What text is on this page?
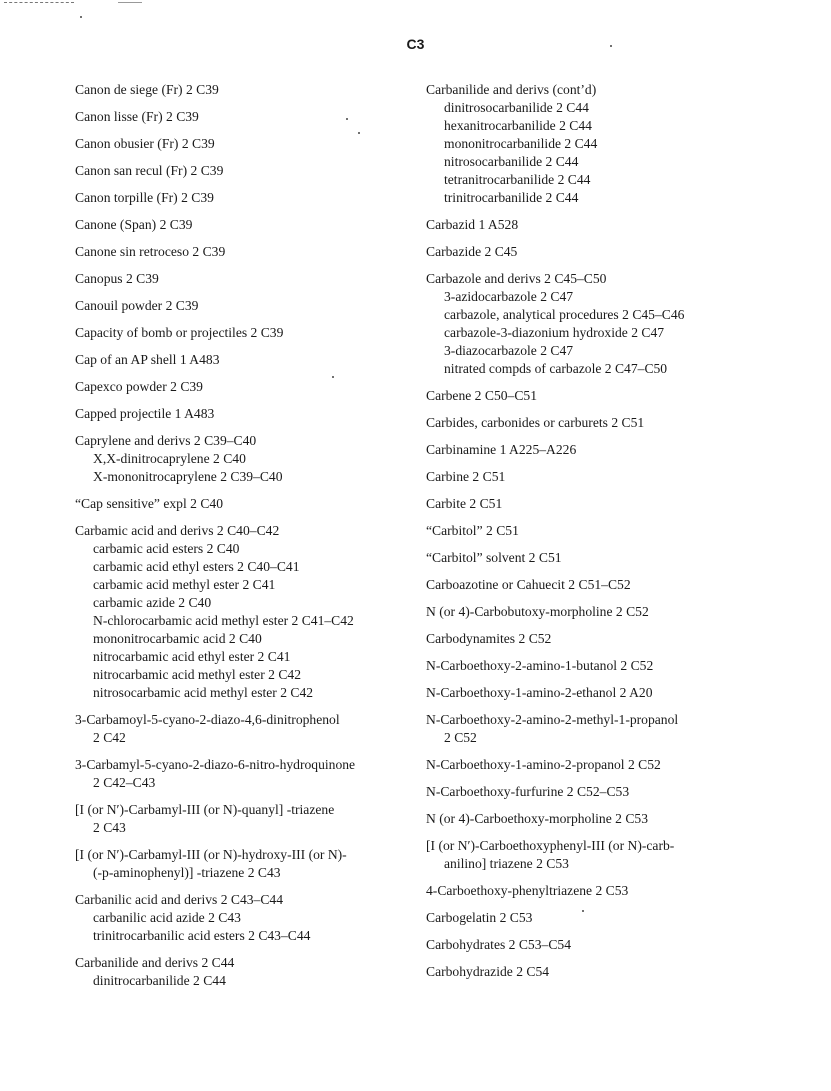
C3
Canon de siege (Fr) 2 C39
Canon lisse (Fr) 2 C39
Canon obusier (Fr) 2 C39
Canon san recul (Fr) 2 C39
Canon torpille (Fr) 2 C39
Canone (Span) 2 C39
Canone sin retroceso 2 C39
Canopus 2 C39
Canouil powder 2 C39
Capacity of bomb or projectiles 2 C39
Cap of an AP shell 1 A483
Capexco powder 2 C39
Capped projectile 1 A483
Caprylene and derivs 2 C39–C40
X,X-dinitrocaprylene 2 C40
X-mononitrocaprylene 2 C39–C40
“Cap sensitive” expl 2 C40
Carbamic acid and derivs 2 C40–C42
carbamic acid esters 2 C40
carbamic acid ethyl esters 2 C40–C41
carbamic acid methyl ester 2 C41
carbamic azide 2 C40
N-chlorocarbamic acid methyl ester 2 C41–C42
mononitrocarbamic acid 2 C40
nitrocarbamic acid ethyl ester 2 C41
nitrocarbamic acid methyl ester 2 C42
nitrosocarbamic acid methyl ester 2 C42
3-Carbamoyl-5-cyano-2-diazo-4,6-dinitrophenol
2 C42
3-Carbamyl-5-cyano-2-diazo-6-nitro-hydroquinone
2 C42–C43
[I (or N′)-Carbamyl-III (or N)-quanyl] -triazene
2 C43
[I (or N′)-Carbamyl-III (or N)-hydroxy-III (or N)-
(-p-aminophenyl)] -triazene 2 C43
Carbanilic acid and derivs 2 C43–C44
carbanilic acid azide 2 C43
trinitrocarbanilic acid esters 2 C43–C44
Carbanilide and derivs 2 C44
dinitrocarbanilide 2 C44
Carbanilide and derivs (cont’d)
dinitrosocarbanilide 2 C44
hexanitrocarbanilide 2 C44
mononitrocarbanilide 2 C44
nitrosocarbanilide 2 C44
tetranitrocarbanilide 2 C44
trinitrocarbanilide 2 C44
Carbazid 1 A528
Carbazide 2 C45
Carbazole and derivs 2 C45–C50
3-azidocarbazole 2 C47
carbazole, analytical procedures 2 C45–C46
carbazole-3-diazonium hydroxide 2 C47
3-diazocarbazole 2 C47
nitrated compds of carbazole 2 C47–C50
Carbene 2 C50–C51
Carbides, carbonides or carburets 2 C51
Carbinamine 1 A225–A226
Carbine 2 C51
Carbite 2 C51
“Carbitol” 2 C51
“Carbitol” solvent 2 C51
Carboazotine or Cahuecit 2 C51–C52
N (or 4)-Carbobutoxy-morpholine 2 C52
Carbodynamites 2 C52
N-Carboethoxy-2-amino-1-butanol 2 C52
N-Carboethoxy-1-amino-2-ethanol 2 A20
N-Carboethoxy-2-amino-2-methyl-1-propanol
2 C52
N-Carboethoxy-1-amino-2-propanol 2 C52
N-Carboethoxy-furfurine 2 C52–C53
N (or 4)-Carboethoxy-morpholine 2 C53
[I (or N′)-Carboethoxyphenyl-III (or N)-carb-
anilino] triazene 2 C53
4-Carboethoxy-phenyltriazene 2 C53
Carbogelatin 2 C53
Carbohydrates 2 C53–C54
Carbohydrazide 2 C54
